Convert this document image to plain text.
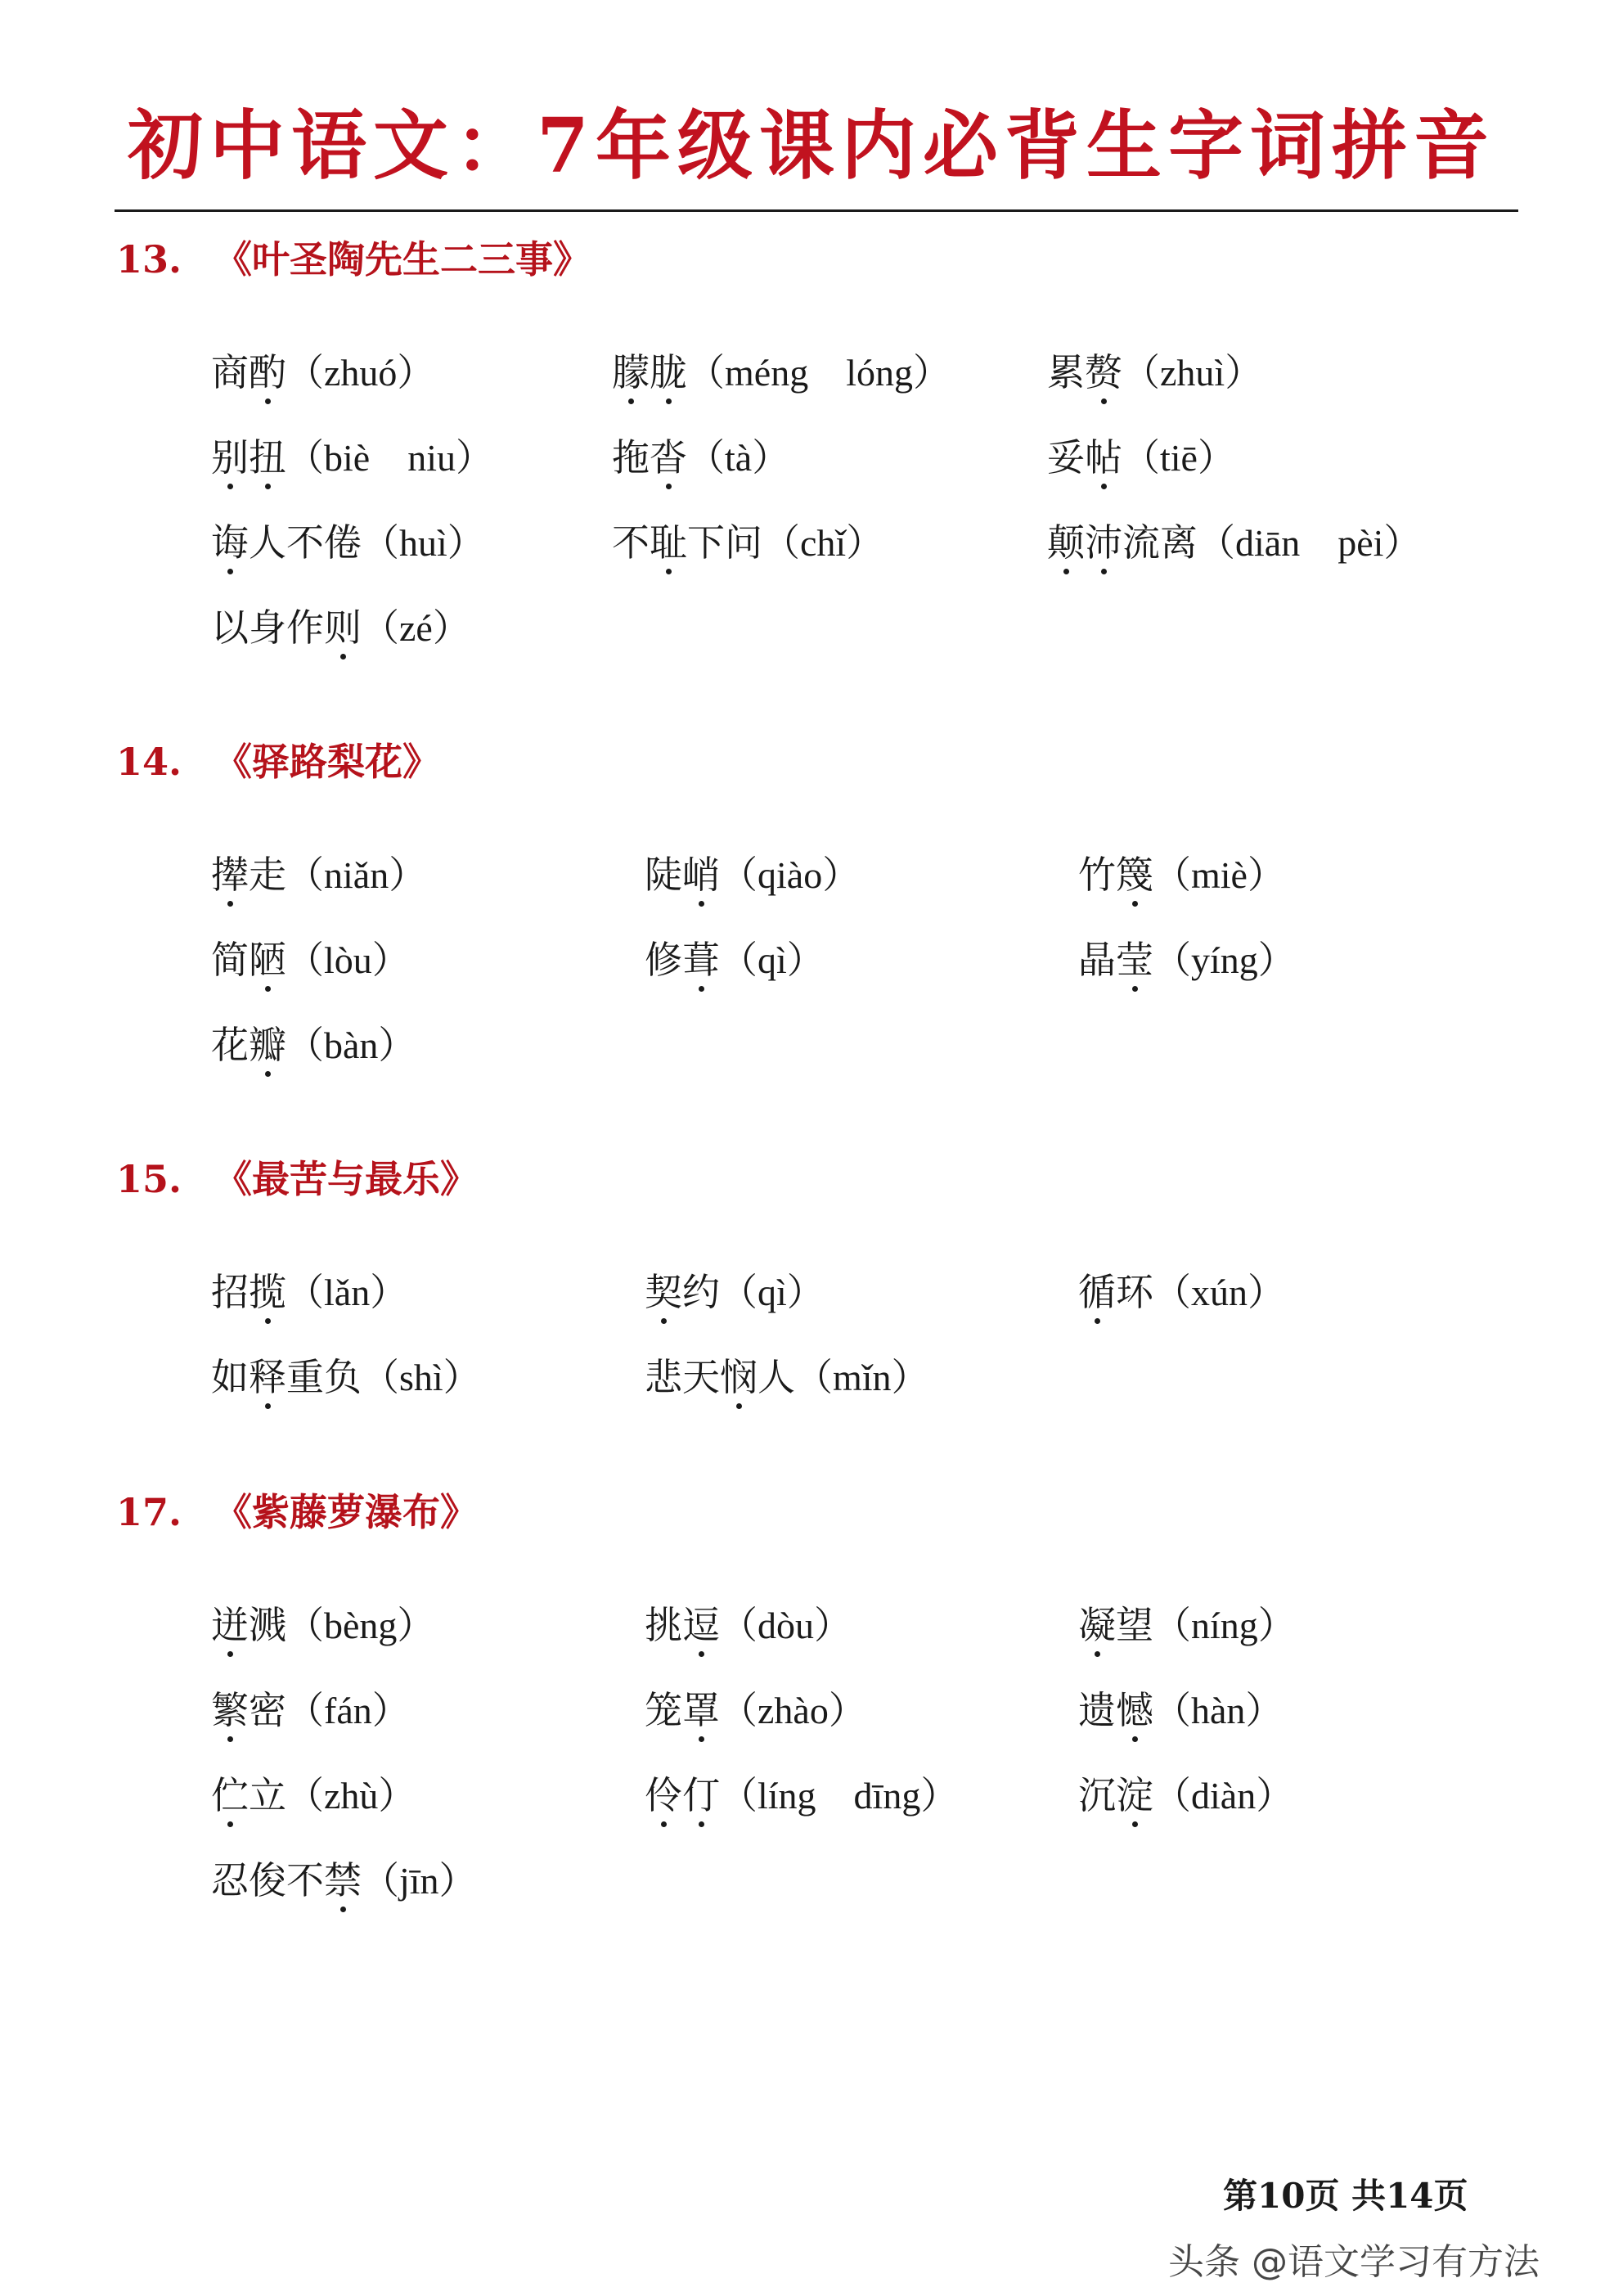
初中语文：7年级课内必背生字词拼音
13. 《叶圣陶先生二三事》
商酌（zhuó）	朦胧（méng　lóng）	累赘（zhuì）
别扭（biè　niu）	拖沓（tà）	妥帖（tiē）
诲人不倦（huì）	不耻下问（chǐ）	颠沛流离（diān　pèi）
以身作则（zé）
14. 《驿路梨花》
撵走（niǎn）	陡峭（qiào）	竹篾（miè）
简陋（lòu）	修葺（qì）	晶莹（yíng）
花瓣（bàn）
15. 《最苦与最乐》
招揽（lǎn）	契约（qì）	循环（xún）
如释重负（shì）	悲天悯人（mǐn）
17. 《紫藤萝瀑布》
迸溅（bèng）	挑逗（dòu）	凝望（níng）
繁密（fán）	笼罩（zhào）	遗憾（hàn）
伫立（zhù）	伶仃（líng　dīng）	沉淀（diàn）
忍俊不禁（jīn）
第10页 共14页
头条 @语文学习有方法
